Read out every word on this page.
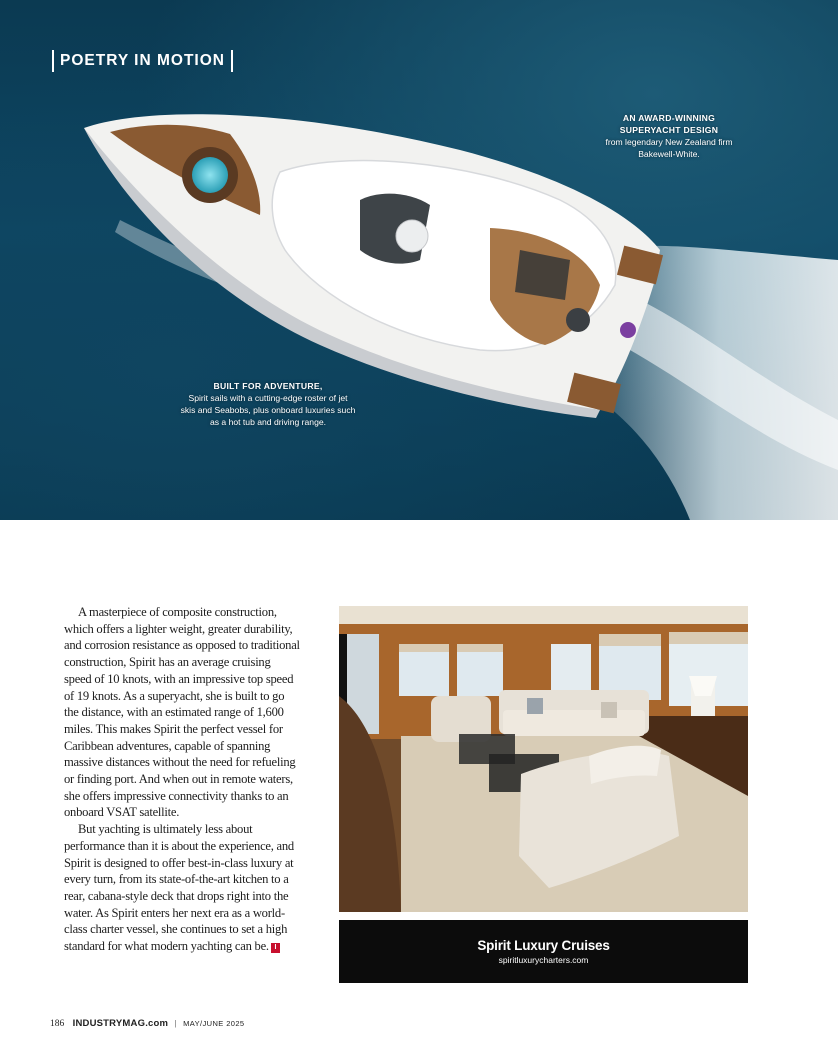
POETRY IN MOTION
AN AWARD-WINNING
SUPERYACHT DESIGN
from legendary New Zealand firm
Bakewell-White.
BUILT FOR ADVENTURE,
Spirit sails with a cutting-edge roster of jet
skis and Seabobs, plus onboard luxuries such
as a hot tub and driving range.

A masterpiece of composite construction, which offers a lighter weight, greater durability, and corrosion resistance as opposed to traditional construction, Spirit has an average cruising speed of 10 knots, with an impressive top speed of 19 knots. As a superyacht, she is built to go the distance, with an estimated range of 1,600 miles. This makes Spirit the perfect vessel for Caribbean adventures, capable of spanning massive distances without the need for refueling or finding port. And when out in remote waters, she offers impressive connectivity thanks to an onboard VSAT satellite.

But yachting is ultimately less about performance than it is about the experience, and Spirit is designed to offer best-in-class luxury at every turn, from its state-of-the-art kitchen to a rear, cabana-style deck that drops right into the water. As Spirit enters her next era as a world-class charter vessel, she continues to set a high standard for what modern yachting can be. I	Spirit Luxury Cruises
spiritluxurycharters.com
186 INDUSTRYMAG.com | MAY/JUNE 2025
